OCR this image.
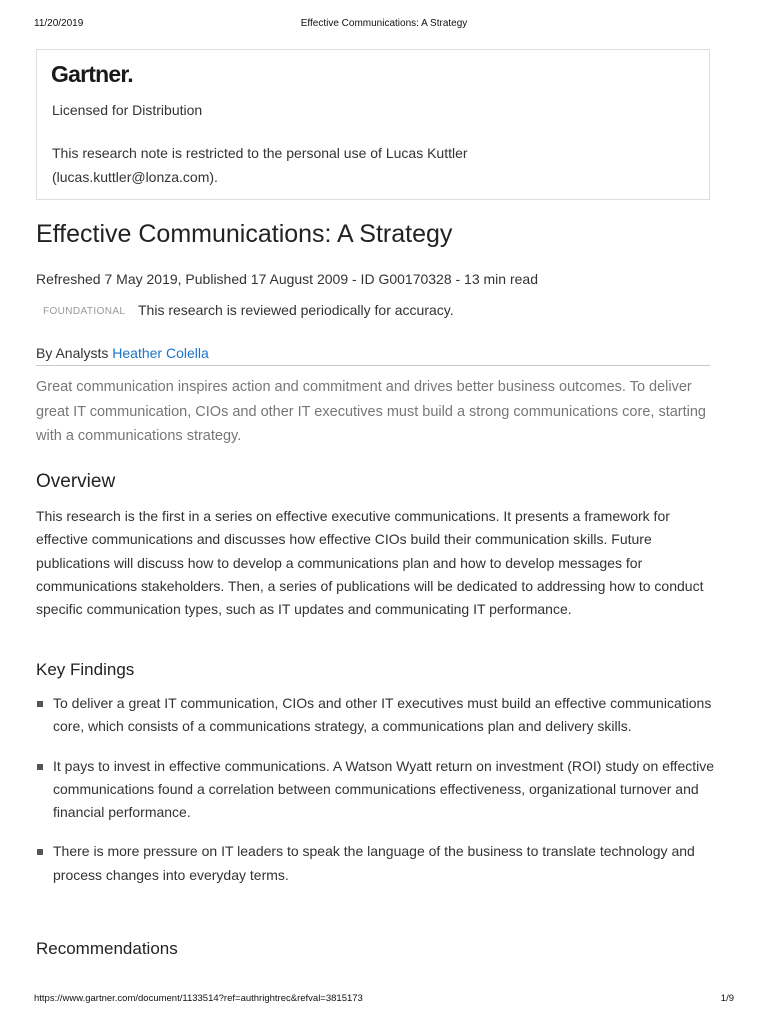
11/20/2019	Effective Communications: A Strategy
Gartner.
Licensed for Distribution
This research note is restricted to the personal use of Lucas Kuttler (lucas.kuttler@lonza.com).
Effective Communications: A Strategy
Refreshed 7 May 2019, Published 17 August 2009 - ID G00170328 - 13 min read
FOUNDATIONAL This research is reviewed periodically for accuracy.
By Analysts Heather Colella
Great communication inspires action and commitment and drives better business outcomes. To deliver great IT communication, CIOs and other IT executives must build a strong communications core, starting with a communications strategy.
Overview
This research is the first in a series on effective executive communications. It presents a framework for effective communications and discusses how effective CIOs build their communication skills. Future publications will discuss how to develop a communications plan and how to develop messages for communications stakeholders. Then, a series of publications will be dedicated to addressing how to conduct specific communication types, such as IT updates and communicating IT performance.
Key Findings
To deliver a great IT communication, CIOs and other IT executives must build an effective communications core, which consists of a communications strategy, a communications plan and delivery skills.
It pays to invest in effective communications. A Watson Wyatt return on investment (ROI) study on effective communications found a correlation between communications effectiveness, organizational turnover and financial performance.
There is more pressure on IT leaders to speak the language of the business to translate technology and process changes into everyday terms.
Recommendations
https://www.gartner.com/document/1133514?ref=authrightrec&refval=3815173	1/9
